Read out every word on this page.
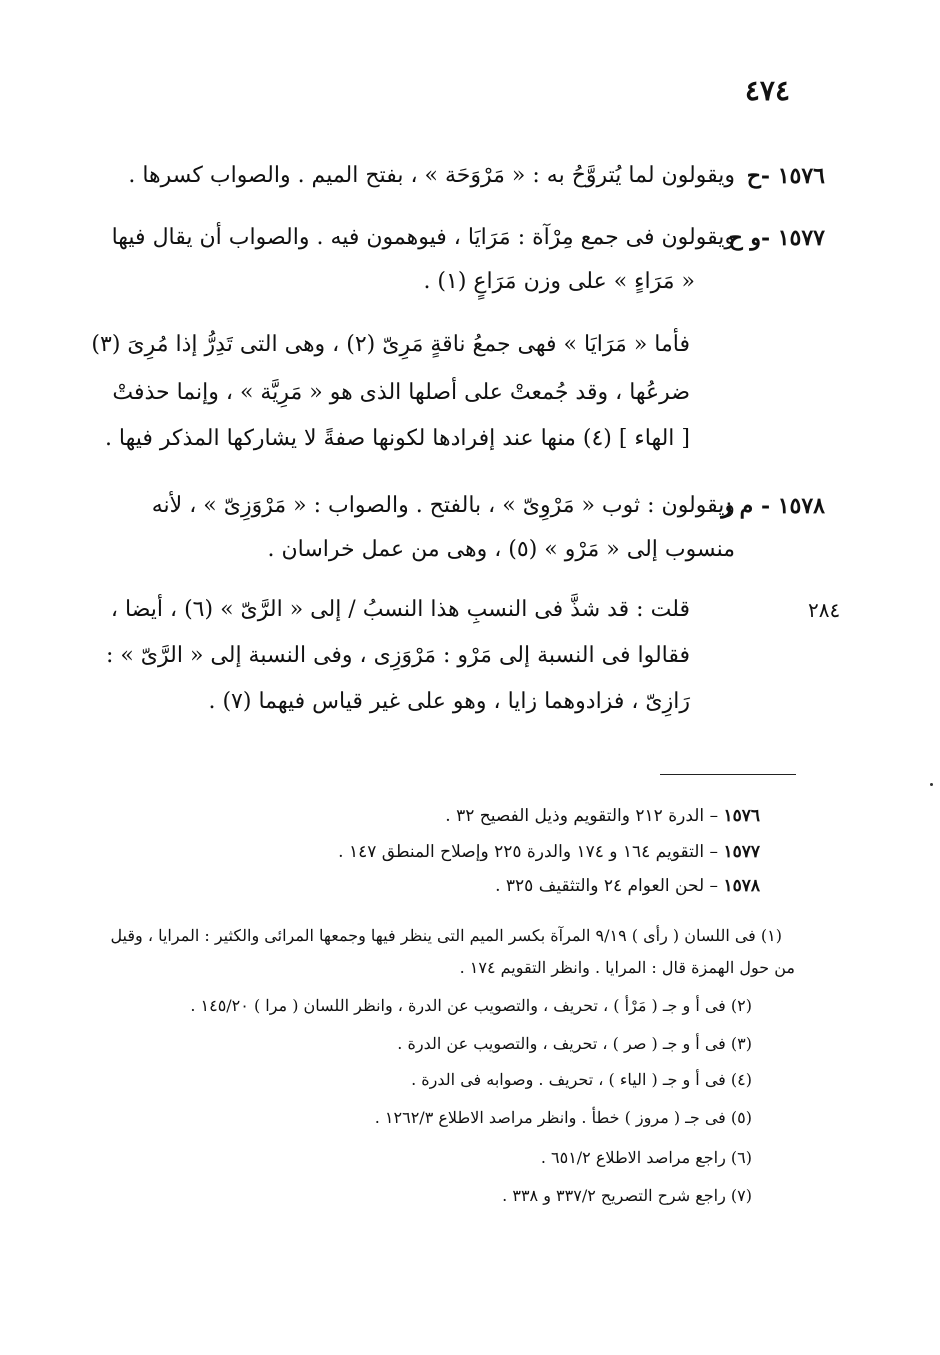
٤٧٤
٢٨٤
١٥٧٦ -ح
ويقولون لما يُتروَّحُ به : « مَرْوَحَة » ، بفتح الميم . والصواب كسرها .
١٥٧٧ -و ح
ويقولون فى جمع مِرْآة : مَرَايَا ، فيوهمون فيه . والصواب أن يقال فيها
« مَرَاءٍ » على وزن مَرَاعٍ (١) .
فأما « مَرَايَا » فهى جمعُ ناقةٍ مَرِىّ (٢) ، وهى التى تَدِرُّ إذا مُرِىَ (٣)
ضرعُها ، وقد جُمعتْ على أصلها الذى هو « مَرِيَّة » ، وإنما حذفتْ
[ الهاء ] (٤) منها عند إفرادها لكونها صفةً لا يشاركها المذكر فيها .
١٥٧٨ - م ز
ويقولون : ثوب « مَرْوِىّ » ، بالفتح . والصواب : « مَرْوَزِىّ » ، لأنه
منسوب إلى « مَرْو » (٥) ، وهى من عمل خراسان .
قلت : قد شذَّ فى النسبِ هذا النسبُ / إلى « الرَّىّ » (٦) ، أيضا ،
فقالوا فى النسبة إلى مَرْو : مَرْوَزِى ، وفى النسبة إلى « الرَّىّ » :
رَازِىّ ، فزادوهما زايا ، وهو على غير قياس فيهما (٧) .
١٥٧٦ – الدرة ٢١٢ والتقويم وذيل الفصيح ٣٢ .
١٥٧٧ – التقويم ١٦٤ و ١٧٤ والدرة ٢٢٥ وإصلاح المنطق ١٤٧ .
١٥٧٨ – لحن العوام ٢٤ والتثقيف ٣٢٥ .
(١) فى اللسان ( رأى ) ٩/١٩ المرآة بكسر الميم التى ينظر فيها وجمعها المرائى والكثير : المرايا ، وقيل
من حول الهمزة قال : المرايا . وانظر التقويم ١٧٤ .
(٢) فى أ و جـ ( مَرْأ ) ، تحريف ، والتصويب عن الدرة ، وانظر اللسان ( مرا ) ١٤٥/٢٠ .
(٣) فى أ و جـ ( صر ) ، تحريف ، والتصويب عن الدرة .
(٤) فى أ و جـ ( الياء ) ، تحريف . وصوابه فى الدرة .
(٥) فى جـ ( مروز ) خطأ . وانظر مراصد الاطلاع ١٢٦٢/٣ .
(٦) راجع مراصد الاطلاع ٦٥١/٢ .
(٧) راجع شرح التصريح ٣٣٧/٢ و ٣٣٨ .
